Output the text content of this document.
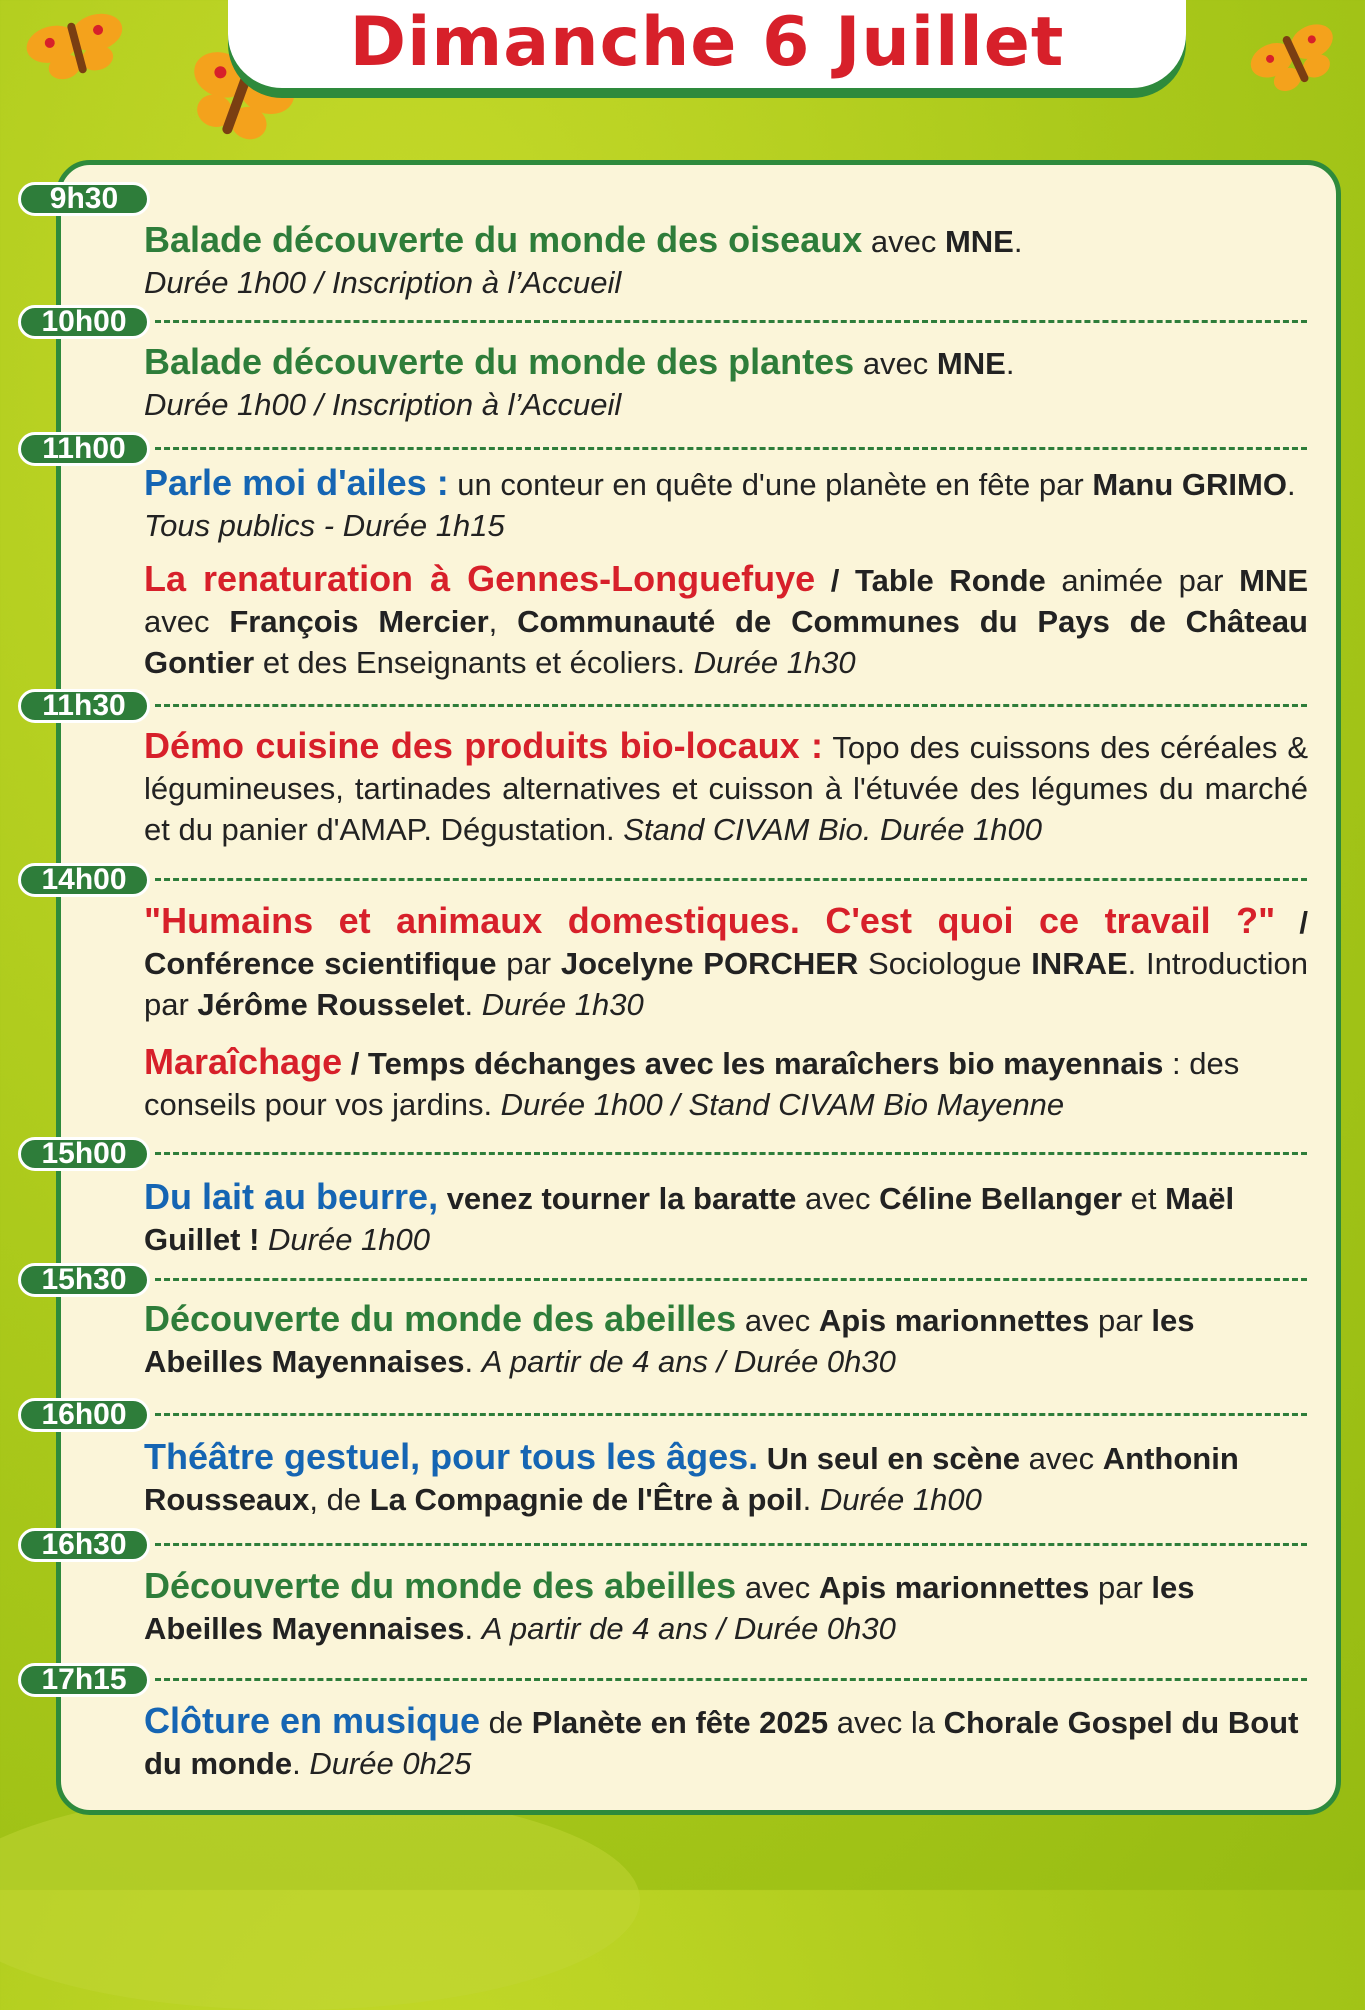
Dimanche 6 Juillet
9h30
Balade découverte du monde des oiseaux avec MNE.
Durée 1h00 / Inscription à l’Accueil
10h00
Balade découverte du monde des plantes avec MNE.
Durée 1h00 / Inscription à l’Accueil
11h00
Parle moi d'ailes : un conteur en quête d'une planète en fête par Manu GRIMO. Tous publics - Durée 1h15
La renaturation à Gennes-Longuefuye / Table Ronde animée par MNE avec François Mercier, Communauté de Communes du Pays de Château Gontier et des Enseignants et écoliers. Durée 1h30
11h30
Démo cuisine des produits bio-locaux : Topo des cuissons des céréales & légumineuses, tartinades alternatives et cuisson à l'étuvée des légumes du marché et du panier d'AMAP. Dégustation. Stand CIVAM Bio. Durée 1h00
14h00
"Humains et animaux domestiques. C'est quoi ce travail ?" / Conférence scientifique par Jocelyne PORCHER Sociologue INRAE. Introduction par Jérôme Rousselet. Durée 1h30
Maraîchage / Temps déchanges avec les maraîchers bio mayennais : des conseils pour vos jardins. Durée 1h00 / Stand CIVAM Bio Mayenne
15h00
Du lait au beurre, venez tourner la baratte avec Céline Bellanger et Maël Guillet ! Durée 1h00
15h30
Découverte du monde des abeilles avec Apis marionnettes par les Abeilles Mayennaises. A partir de 4 ans / Durée 0h30
16h00
Théâtre gestuel, pour tous les âges. Un seul en scène avec Anthonin Rousseaux, de La Compagnie de l'Être à poil. Durée 1h00
16h30
Découverte du monde des abeilles avec Apis marionnettes par les Abeilles Mayennaises. A partir de 4 ans / Durée 0h30
17h15
Clôture en musique de Planète en fête 2025 avec la Chorale Gospel du Bout du monde. Durée 0h25
